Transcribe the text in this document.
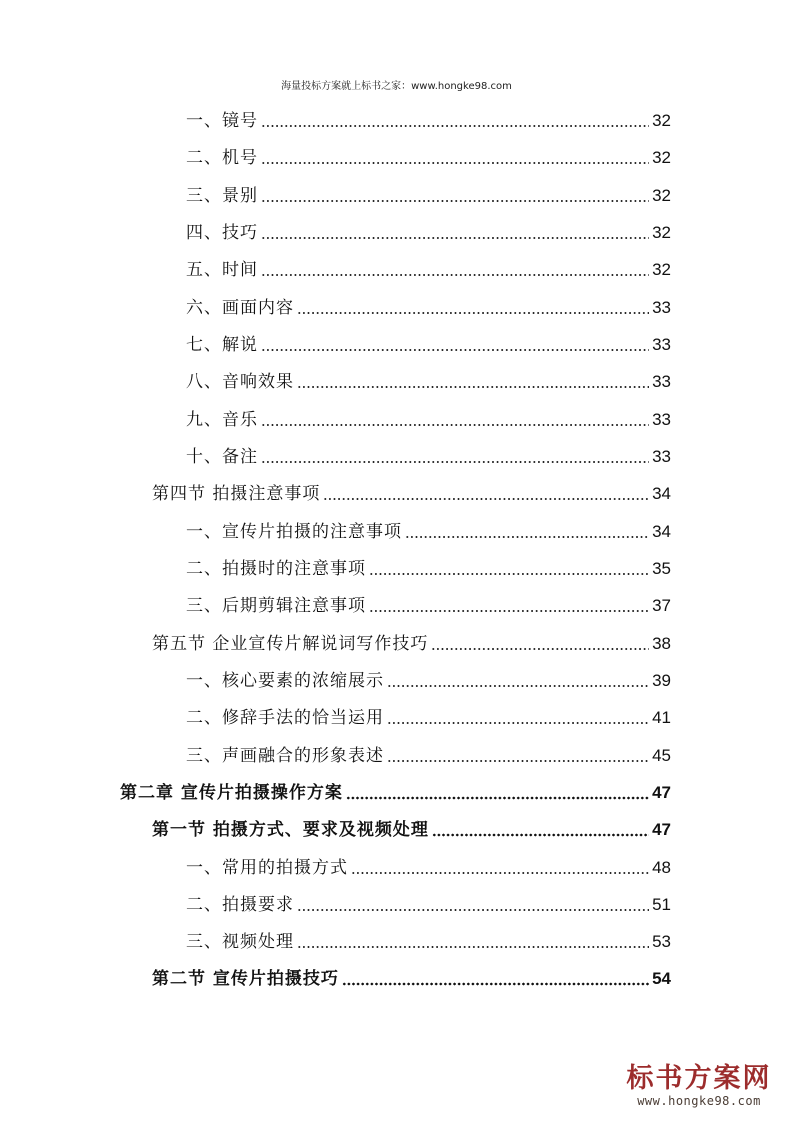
海量投标方案就上标书之家：www.hongke98.com
一、镜号	32
二、机号	32
三、景别	32
四、技巧	32
五、时间	32
六、画面内容	33
七、解说	33
八、音响效果	33
九、音乐	33
十、备注	33
第四节 拍摄注意事项	34
一、宣传片拍摄的注意事项	34
二、拍摄时的注意事项	35
三、后期剪辑注意事项	37
第五节 企业宣传片解说词写作技巧	38
一、核心要素的浓缩展示	39
二、修辞手法的恰当运用	41
三、声画融合的形象表述	45
第二章 宣传片拍摄操作方案	47
第一节 拍摄方式、要求及视频处理	47
一、常用的拍摄方式	48
二、拍摄要求	51
三、视频处理	53
第二节 宣传片拍摄技巧	54
标书方案网
www.hongke98.com
